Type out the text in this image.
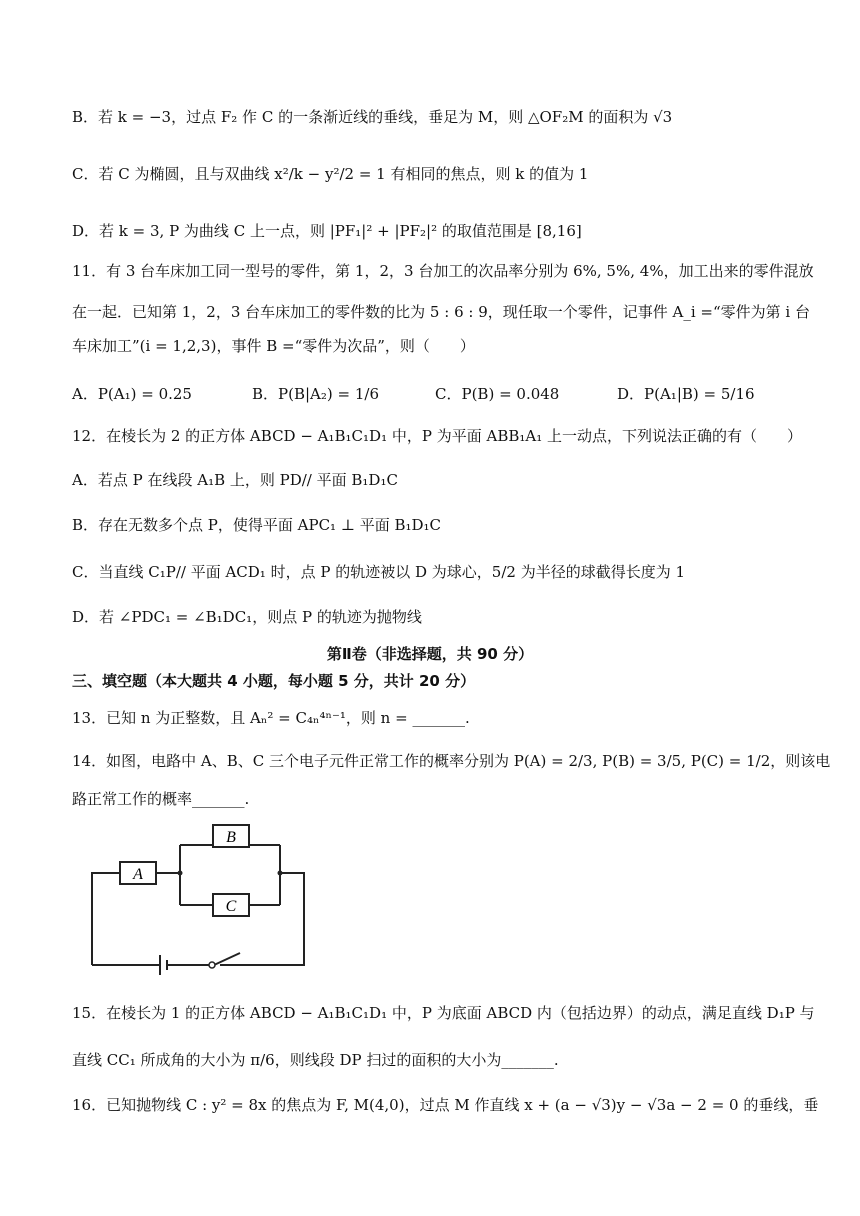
B．若 k = −3，过点 F₂ 作 C 的一条渐近线的垂线，垂足为 M，则 △OF₂M 的面积为 √3
C．若 C 为椭圆，且与双曲线 x²/k − y²/2 = 1 有相同的焦点，则 k 的值为 1
D．若 k = 3, P 为曲线 C 上一点，则 |PF₁|² + |PF₂|² 的取值范围是 [8,16]
11．有 3 台车床加工同一型号的零件，第 1，2，3 台加工的次品率分别为 6%, 5%, 4%，加工出来的零件混放
在一起．已知第 1，2，3 台车床加工的零件数的比为 5 : 6 : 9，现任取一个零件，记事件 A_i =“零件为第 i 台
车床加工”(i = 1,2,3)，事件 B =“零件为次品”，则（　　）
A．P(A₁) = 0.25	B．P(B|A₂) = 1/6	C．P(B) = 0.048	D．P(A₁|B) = 5/16
12．在棱长为 2 的正方体 ABCD − A₁B₁C₁D₁ 中，P 为平面 ABB₁A₁ 上一动点，下列说法正确的有（　　）
A．若点 P 在线段 A₁B 上，则 PD// 平面 B₁D₁C
B．存在无数多个点 P，使得平面 APC₁ ⊥ 平面 B₁D₁C
C．当直线 C₁P// 平面 ACD₁ 时，点 P 的轨迹被以 D 为球心，5/2 为半径的球截得长度为 1
D．若 ∠PDC₁ = ∠B₁DC₁，则点 P 的轨迹为抛物线
第Ⅱ卷（非选择题，共 90 分）
三、填空题（本大题共 4 小题，每小题 5 分，共计 20 分）
13．已知 n 为正整数，且 Aₙ² = C₄ₙ⁴ⁿ⁻¹，则 n = _______.
14．如图，电路中 A、B、C 三个电子元件正常工作的概率分别为 P(A) = 2/3, P(B) = 3/5, P(C) = 1/2，则该电
路正常工作的概率_______.
A
B
C
15．在棱长为 1 的正方体 ABCD − A₁B₁C₁D₁ 中，P 为底面 ABCD 内（包括边界）的动点，满足直线 D₁P 与
直线 CC₁ 所成角的大小为 π/6，则线段 DP 扫过的面积的大小为_______.
16．已知抛物线 C : y² = 8x 的焦点为 F, M(4,0)，过点 M 作直线 x + (a − √3)y − √3a − 2 = 0 的垂线，垂
